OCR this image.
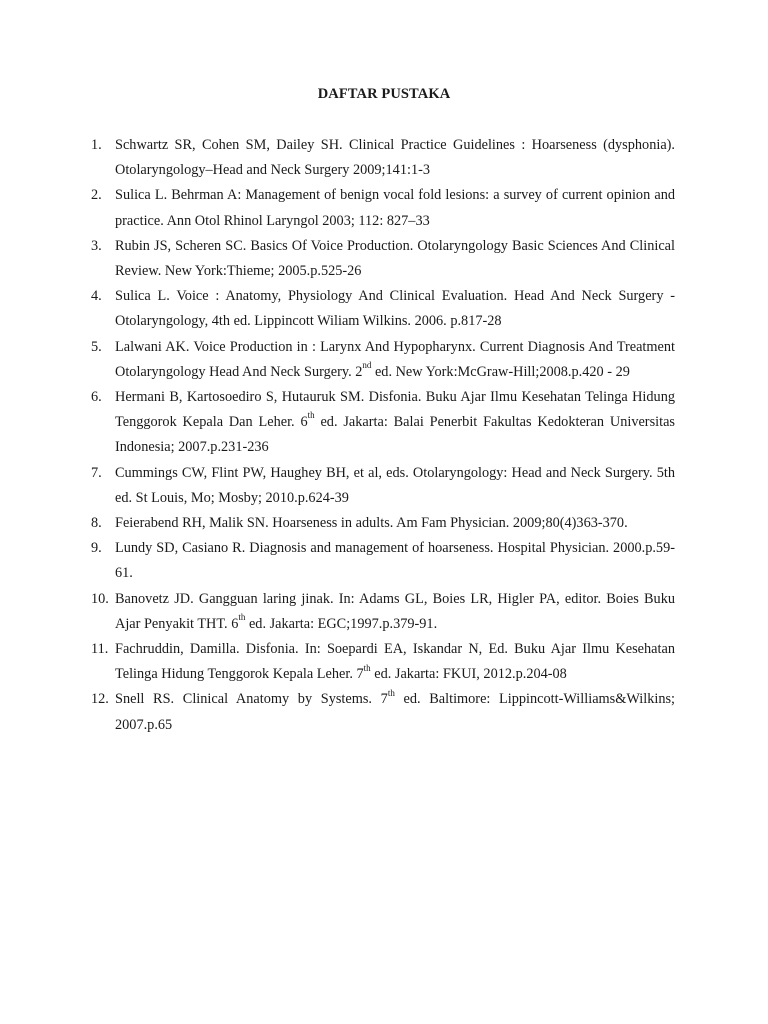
DAFTAR PUSTAKA
1. Schwartz SR, Cohen SM, Dailey SH. Clinical Practice Guidelines : Hoarseness (dysphonia). Otolaryngology–Head and Neck Surgery 2009;141:1-3
2. Sulica L. Behrman A: Management of benign vocal fold lesions: a survey of current opinion and practice. Ann Otol Rhinol Laryngol 2003; 112: 827–33
3. Rubin JS, Scheren SC. Basics Of Voice Production. Otolaryngology Basic Sciences And Clinical Review. New York:Thieme; 2005.p.525-26
4. Sulica L. Voice : Anatomy, Physiology And Clinical Evaluation. Head And Neck Surgery - Otolaryngology, 4th ed. Lippincott Wiliam Wilkins. 2006. p.817-28
5. Lalwani AK. Voice Production in : Larynx And Hypopharynx. Current Diagnosis And Treatment Otolaryngology Head And Neck Surgery. 2nd ed. New York:McGraw-Hill;2008.p.420 - 29
6. Hermani B, Kartosoediro S, Hutauruk SM. Disfonia. Buku Ajar Ilmu Kesehatan Telinga Hidung Tenggorok Kepala Dan Leher. 6th ed. Jakarta: Balai Penerbit Fakultas Kedokteran Universitas Indonesia; 2007.p.231-236
7. Cummings CW, Flint PW, Haughey BH, et al, eds. Otolaryngology: Head and Neck Surgery. 5th ed. St Louis, Mo; Mosby; 2010.p.624-39
8. Feierabend RH, Malik SN. Hoarseness in adults. Am Fam Physician. 2009;80(4)363-370.
9. Lundy SD, Casiano R. Diagnosis and management of hoarseness. Hospital Physician. 2000.p.59-61.
10. Banovetz JD. Gangguan laring jinak. In: Adams GL, Boies LR, Higler PA, editor. Boies Buku Ajar Penyakit THT. 6th ed. Jakarta: EGC;1997.p.379-91.
11. Fachruddin, Damilla. Disfonia. In: Soepardi EA, Iskandar N, Ed. Buku Ajar Ilmu Kesehatan Telinga Hidung Tenggorok Kepala Leher. 7th ed. Jakarta: FKUI, 2012.p.204-08
12. Snell RS. Clinical Anatomy by Systems. 7th ed. Baltimore: Lippincott-Williams&Wilkins; 2007.p.65
